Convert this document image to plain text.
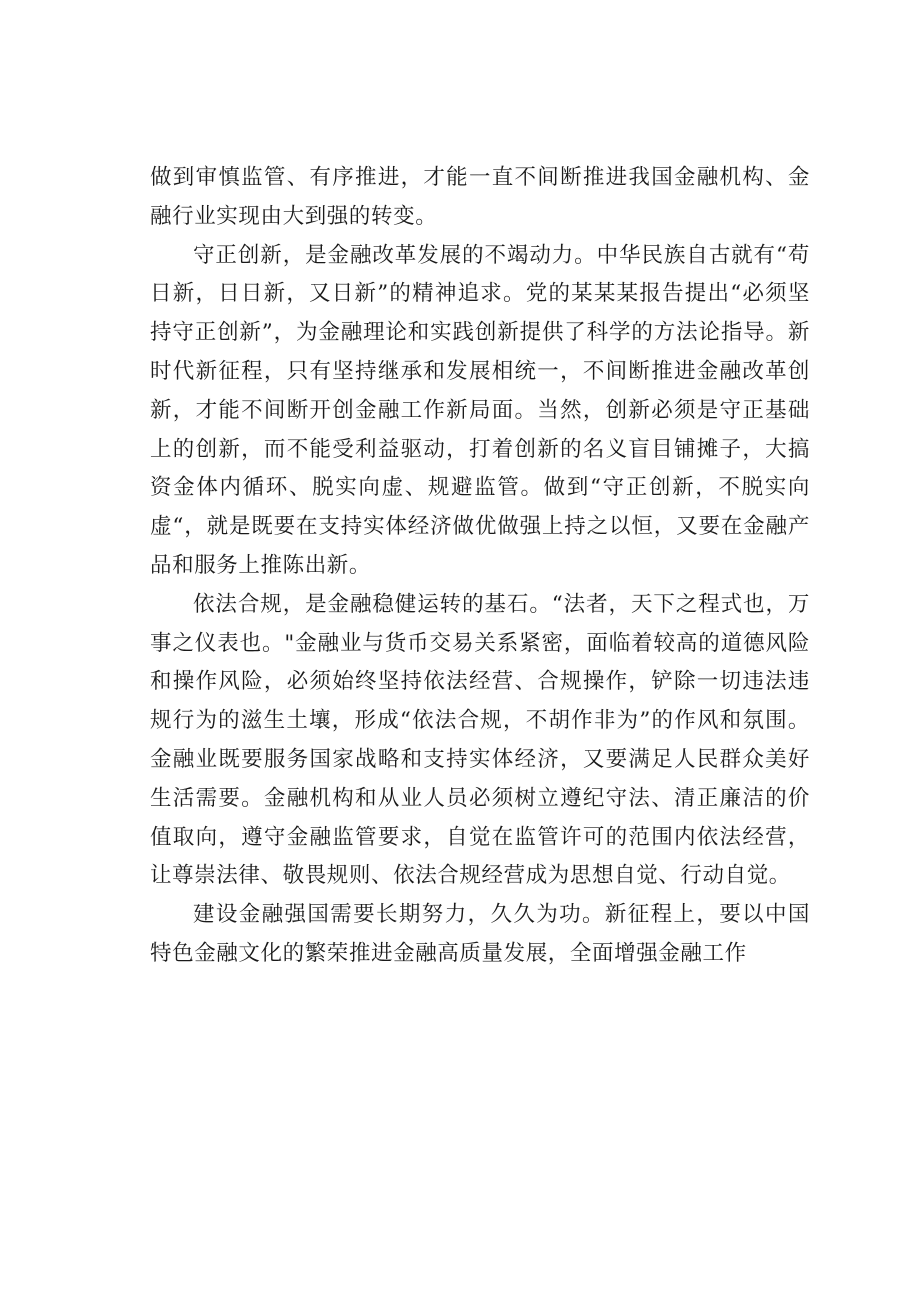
做到审慎监管、有序推进，才能一直不间断推进我国金融机构、金融行业实现由大到强的转变。

守正创新，是金融改革发展的不竭动力。中华民族自古就有“苟日新，日日新，又日新”的精神追求。党的某某某报告提出“必须坚持守正创新”，为金融理论和实践创新提供了科学的方法论指导。新时代新征程，只有坚持继承和发展相统一，不间断推进金融改革创新，才能不间断开创金融工作新局面。当然，创新必须是守正基础上的创新，而不能受利益驱动，打着创新的名义盲目铺摊子，大搞资金体内循环、脱实向虚、规避监管。做到“守正创新，不脱实向虚“，就是既要在支持实体经济做优做强上持之以恒，又要在金融产品和服务上推陈出新。

依法合规，是金融稳健运转的基石。“法者，天下之程式也，万事之仪表也。"金融业与货币交易关系紧密，面临着较高的道德风险和操作风险，必须始终坚持依法经营、合规操作，铲除一切违法违规行为的滋生土壤，形成“依法合规，不胡作非为”的作风和氛围。金融业既要服务国家战略和支持实体经济，又要满足人民群众美好生活需要。金融机构和从业人员必须树立遵纪守法、清正廉洁的价值取向，遵守金融监管要求，自觉在监管许可的范围内依法经营，让尊崇法律、敬畏规则、依法合规经营成为思想自觉、行动自觉。

建设金融强国需要长期努力，久久为功。新征程上，要以中国特色金融文化的繁荣推进金融高质量发展，全面增强金融工作
